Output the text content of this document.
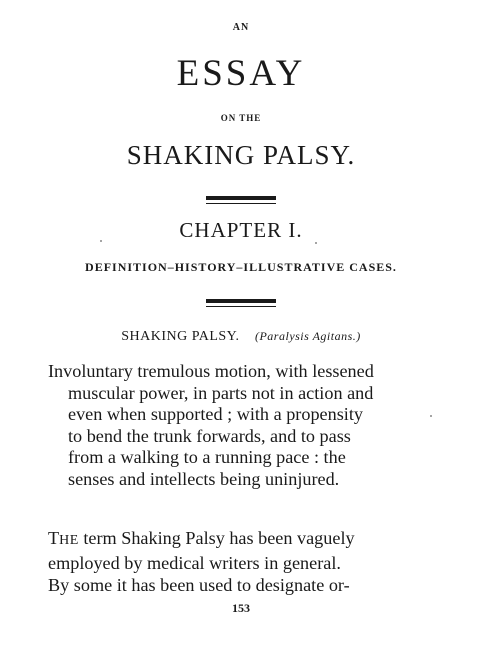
AN
ESSAY
ON THE
SHAKING PALSY.
CHAPTER I.
DEFINITION–HISTORY–ILLUSTRATIVE CASES.
SHAKING PALSY.   (Paralysis Agitans.)
Involuntary tremulous motion, with lessened
muscular power, in parts not in action and
even when supported ; with a propensity
to bend the trunk forwards, and to pass
from a walking to a running pace : the
senses and intellects being uninjured.
THE term Shaking Palsy has been vaguely
employed by medical writers in general.
By some it has been used to designate or-
153
